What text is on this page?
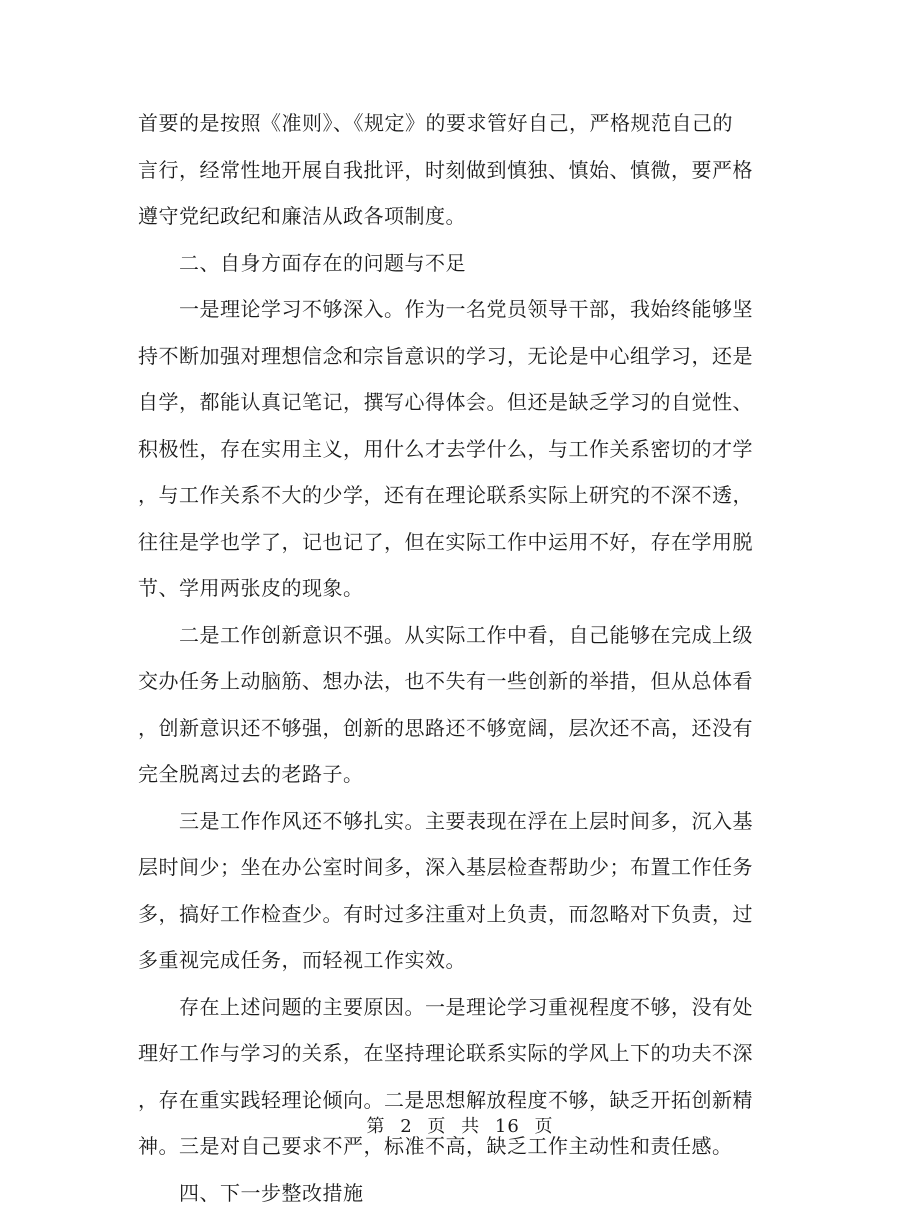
首要的是按照《准则》、《规定》的要求管好自己，严格规范自己的
言行，经常性地开展自我批评，时刻做到慎独、慎始、慎微，要严格
遵守党纪政纪和廉洁从政各项制度。
二、自身方面存在的问题与不足
一是理论学习不够深入。作为一名党员领导干部，我始终能够坚
持不断加强对理想信念和宗旨意识的学习，无论是中心组学习，还是
自学，都能认真记笔记，撰写心得体会。但还是缺乏学习的自觉性、
积极性，存在实用主义，用什么才去学什么，与工作关系密切的才学
，与工作关系不大的少学，还有在理论联系实际上研究的不深不透，
往往是学也学了，记也记了，但在实际工作中运用不好，存在学用脱
节、学用两张皮的现象。
二是工作创新意识不强。从实际工作中看，自己能够在完成上级
交办任务上动脑筋、想办法，也不失有一些创新的举措，但从总体看
，创新意识还不够强，创新的思路还不够宽阔，层次还不高，还没有
完全脱离过去的老路子。
三是工作作风还不够扎实。主要表现在浮在上层时间多，沉入基
层时间少；坐在办公室时间多，深入基层检查帮助少；布置工作任务
多，搞好工作检查少。有时过多注重对上负责，而忽略对下负责，过
多重视完成任务，而轻视工作实效。
存在上述问题的主要原因。一是理论学习重视程度不够，没有处
理好工作与学习的关系，在坚持理论联系实际的学风上下的功夫不深
，存在重实践轻理论倾向。二是思想解放程度不够，缺乏开拓创新精
神。三是对自己要求不严，标准不高，缺乏工作主动性和责任感。
四、下一步整改措施
第 2 页 共 16 页
